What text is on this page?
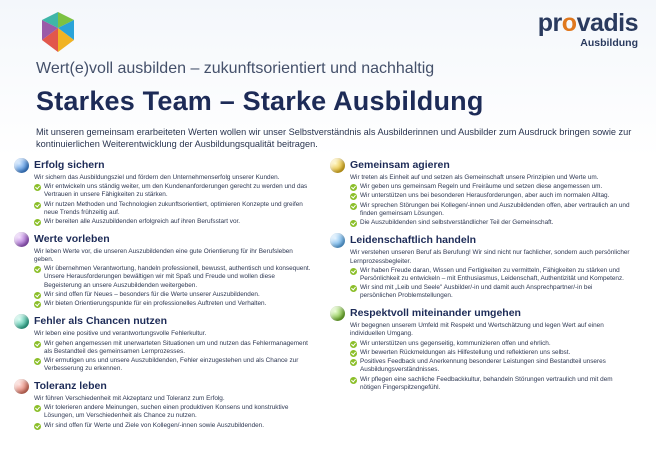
provadis
Ausbildung
Wert(e)voll ausbilden – zukunftsorientiert und nachhaltig
Starkes Team – Starke Ausbildung
Mit unseren gemeinsam erarbeiteten Werten wollen wir unser Selbstverständnis als Ausbilderinnen und Ausbilder zum Ausdruck bringen sowie zur kontinuierlichen Weiterentwicklung der Ausbildungsqualität beitragen.
Erfolg sichern
Wir sichern das Ausbildungsziel und fördern den Unternehmenserfolg unserer Kunden.
Wir entwickeln uns ständig weiter, um den Kundenanforderungen gerecht zu werden und das Vertrauen in unsere Fähigkeiten zu stärken.
Wir nutzen Methoden und Technologien zukunftsorientiert, optimieren Konzepte und greifen neue Trends frühzeitig auf.
Wir bereiten alle Auszubildenden erfolgreich auf ihren Berufsstart vor.
Werte vorleben
Wir leben Werte vor, die unseren Auszubildenden eine gute Orientierung für ihr Berufsleben geben.
Wir übernehmen Verantwortung, handeln professionell, bewusst, authentisch und konsequent. Unsere Herausforderungen bewältigen wir mit Spaß und Freude und wollen diese Begeisterung an unsere Auszubildenden weitergeben.
Wir sind offen für Neues – besonders für die Werte unserer Auszubildenden.
Wir bieten Orientierungspunkte für ein professionelles Auftreten und Verhalten.
Fehler als Chancen nutzen
Wir leben eine positive und verantwortungsvolle Fehlerkultur.
Wir gehen angemessen mit unerwarteten Situationen um und nutzen das Fehlermanagement als Bestandteil des gemeinsamen Lernprozesses.
Wir ermutigen uns und unsere Auszubildenden, Fehler einzugestehen und als Chance zur Verbesserung zu erkennen.
Toleranz leben
Wir führen Verschiedenheit mit Akzeptanz und Toleranz zum Erfolg.
Wir tolerieren andere Meinungen, suchen einen produktiven Konsens und konstruktive Lösungen, um Verschiedenheit als Chance zu nutzen.
Wir sind offen für Werte und Ziele von Kollegen/-innen sowie Auszubildenden.
Gemeinsam agieren
Wir treten als Einheit auf und setzen als Gemeinschaft unsere Prinzipien und Werte um.
Wir geben uns gemeinsam Regeln und Freiräume und setzen diese angemessen um.
Wir unterstützen uns bei besonderen Herausforderungen, aber auch im normalen Alltag.
Wir sprechen Störungen bei Kollegen/-innen und Auszubildenden offen, aber vertraulich an und finden gemeinsam Lösungen.
Die Auszubildenden sind selbstverständlicher Teil der Gemeinschaft.
Leidenschaftlich handeln
Wir verstehen unseren Beruf als Berufung! Wir sind nicht nur fachlicher, sondern auch persönlicher Lernprozessbegleiter.
Wir haben Freude daran, Wissen und Fertigkeiten zu vermitteln, Fähigkeiten zu stärken und Persönlichkeit zu entwickeln – mit Enthusiasmus, Leidenschaft, Authentizität und Kompetenz.
Wir sind mit „Leib und Seele" Ausbilder/-in und damit auch Ansprechpartner/-in bei persönlichen Problemstellungen.
Respektvoll miteinander umgehen
Wir begegnen unserem Umfeld mit Respekt und Wertschätzung und legen Wert auf einen individuellen Umgang.
Wir unterstützen uns gegenseitig, kommunizieren offen und ehrlich.
Wir bewerten Rückmeldungen als Hilfestellung und reflektieren uns selbst.
Positives Feedback und Anerkennung besonderer Leistungen sind Bestandteil unseres Ausbildungsverständnisses.
Wir pflegen eine sachliche Feedbackkultur, behandeln Störungen vertraulich und mit dem nötigen Fingerspitzengefühl.
